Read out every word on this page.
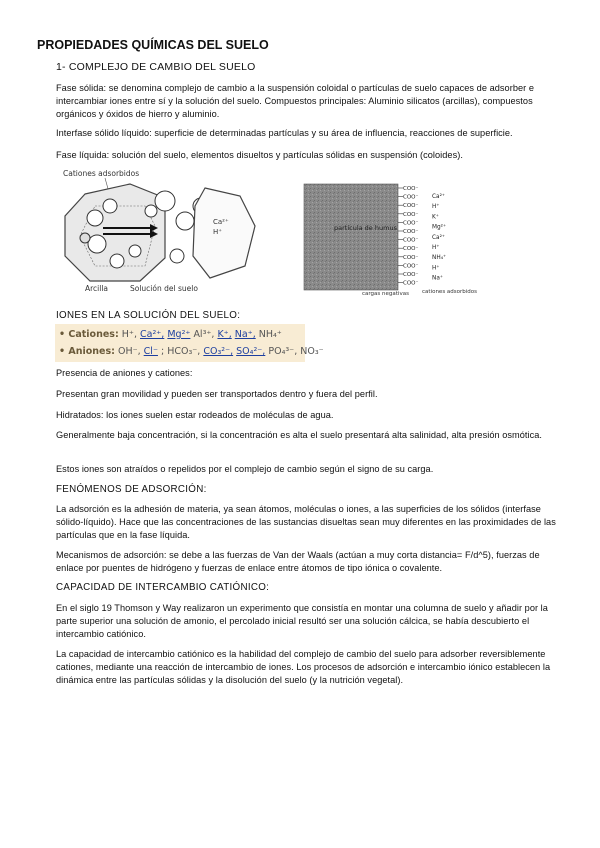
PROPIEDADES QUÍMICAS DEL SUELO
1- COMPLEJO DE CAMBIO DEL SUELO

Fase sólida: se denomina complejo de cambio a la suspensión coloidal o partículas de suelo capaces de adsorber e intercambiar iones entre sí y la solución del suelo. Compuestos principales: Aluminio silicatos (arcillas), compuestos orgánicos y óxidos de hierro y aluminio.

Interfase sólido líquido: superficie de determinadas partículas y su área de influencia, reacciones de superficie.

Fase líquida: solución del suelo, elementos disueltos y partículas sólidas en suspensión (coloides).

Cationes adsorbidos
Ca²⁺
H⁺
Arcilla	Solución del suelo
partícula de humus
COO⁻
COO⁻
COO⁻
COO⁻
COO⁻
COO⁻
COO⁻
COO⁻
COO⁻
COO⁻
COO⁻
COO⁻
Ca²⁺
H⁺
K⁺
Mg²⁺
Ca²⁺
H⁺
NH₄⁺
H⁺
Na⁺
cargas negativas cationes adsorbidos

IONES EN LA SOLUCIÓN DEL SUELO:

• Cationes: H⁺, Ca²⁺, Mg²⁺ Al³⁺, K⁺, Na⁺, NH₄⁺
• Aniones: OH⁻, Cl⁻ ; HCO₃⁻, CO₃²⁻, SO₄²⁻, PO₄³⁻, NO₃⁻

Presencia de aniones y cationes:

Presentan gran movilidad y pueden ser transportados dentro y fuera del perfil.

Hidratados: los iones suelen estar rodeados de moléculas de agua.

Generalmente baja concentración, si la concentración es alta el suelo presentará alta salinidad, alta presión osmótica.

Estos iones son atraídos o repelidos por el complejo de cambio según el signo de su carga.

FENÓMENOS DE ADSORCIÓN:

La adsorción es la adhesión de materia, ya sean átomos, moléculas o iones, a las superficies de los sólidos (interfase sólido-líquido). Hace que las concentraciones de las sustancias disueltas sean muy diferentes en las proximidades de las partículas que en la fase líquida.

Mecanismos de adsorción: se debe a las fuerzas de Van der Waals (actúan a muy corta distancia= F/d^5), fuerzas de enlace por puentes de hidrógeno y fuerzas de enlace entre átomos de tipo iónica o covalente.

CAPACIDAD DE INTERCAMBIO CATIÓNICO:

En el siglo 19 Thomson y Way realizaron un experimento que consistía en montar una columna de suelo y añadir por la parte superior una solución de amonio, el percolado inicial resultó ser una solución cálcica, se había descubierto el intercambio catiónico.

La capacidad de intercambio catiónico es la habilidad del complejo de cambio del suelo para adsorber reversiblemente cationes, mediante una reacción de intercambio de iones. Los procesos de adsorción e intercambio iónico establecen la dinámica entre las partículas sólidas y la disolución del suelo (y la nutrición vegetal).
